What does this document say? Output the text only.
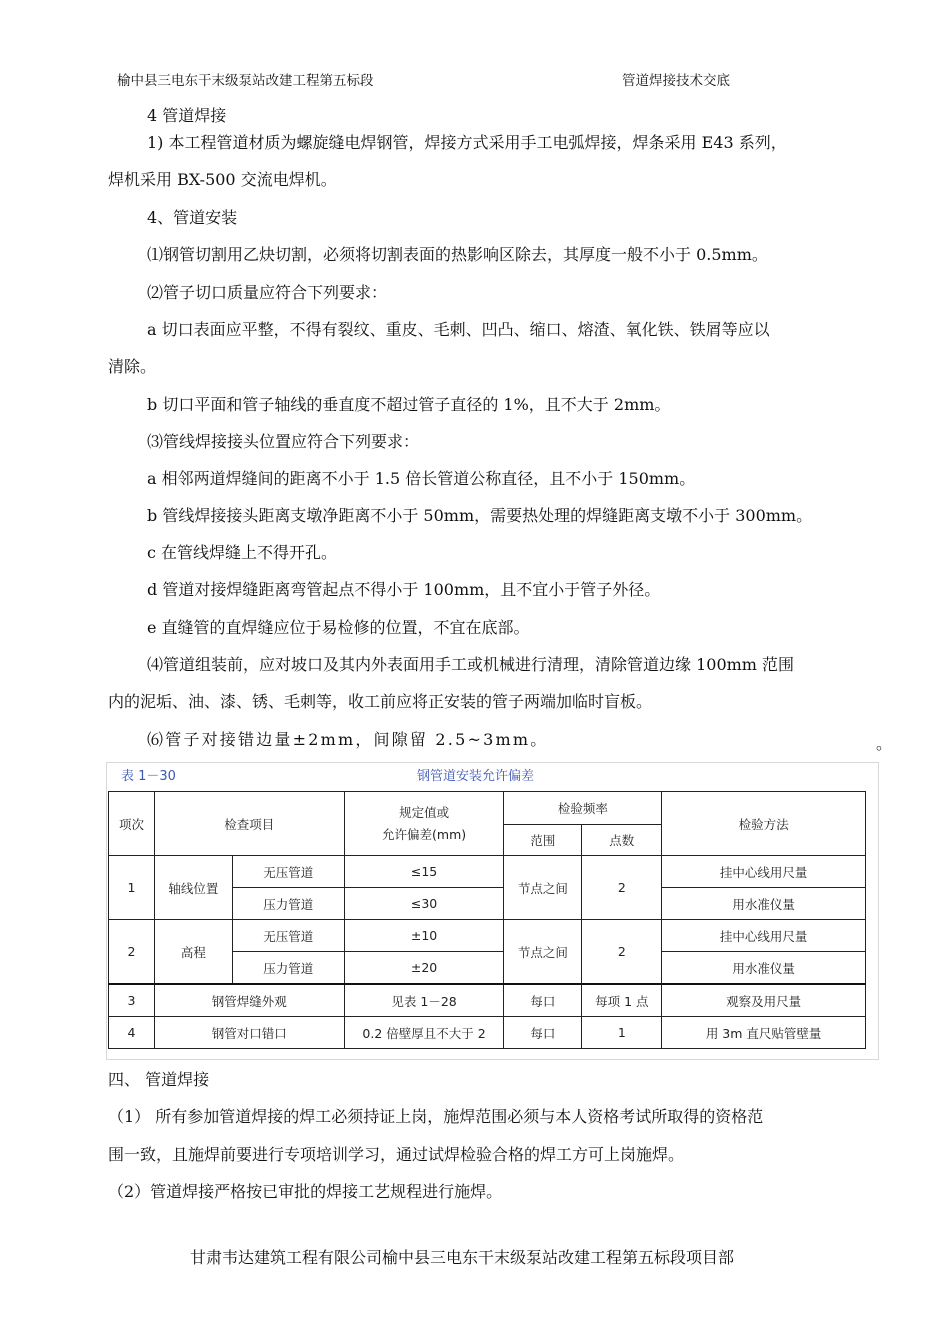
榆中县三电东干末级泵站改建工程第五标段	管道焊接技术交底
4 管道焊接
1) 本工程管道材质为螺旋缝电焊钢管，焊接方式采用手工电弧焊接，焊条采用 E43 系列，
焊机采用 BX-500 交流电焊机。
4、管道安装
⑴钢管切割用乙炔切割，必须将切割表面的热影响区除去，其厚度一般不小于 0.5mm。
⑵管子切口质量应符合下列要求：
a 切口表面应平整，不得有裂纹、重皮、毛刺、凹凸、缩口、熔渣、氧化铁、铁屑等应以
清除。
b 切口平面和管子轴线的垂直度不超过管子直径的 1%，且不大于 2mm。
⑶管线焊接接头位置应符合下列要求：
a 相邻两道焊缝间的距离不小于 1.5 倍长管道公称直径，且不小于 150mm。
b 管线焊接接头距离支墩净距离不小于 50mm，需要热处理的焊缝距离支墩不小于 300mm。
c 在管线焊缝上不得开孔。
d 管道对接焊缝距离弯管起点不得小于 100mm，且不宜小于管子外径。
e 直缝管的直焊缝应位于易检修的位置，不宜在底部。
⑷管道组装前，应对坡口及其内外表面用手工或机械进行清理，清除管道边缘 100mm 范围
内的泥垢、油、漆、锈、毛刺等，收工前应将正安装的管子两端加临时盲板。
⑹管子对接错边量±2mm，间隙留 2.5~3mm。	。
表 1－30	钢管道安装允许偏差
项次	检查项目		规定值或
允许偏差(mm)	检验频率		检验方法
				范围	点数	
1	轴线位置	无压管道	≤15	节点之间	2	挂中心线用尺量
		压力管道	≤30			用水准仪量
2	高程	无压管道	±10	节点之间	2	挂中心线用尺量
		压力管道	±20			用水准仪量
3	钢管焊缝外观		见表 1－28	每口	每项 1 点	观察及用尺量
4	钢管对口错口		0.2 倍壁厚且不大于 2	每口	1	用 3m 直尺贴管壁量
四、 管道焊接
（1） 所有参加管道焊接的焊工必须持证上岗，施焊范围必须与本人资格考试所取得的资格范
围一致，且施焊前要进行专项培训学习，通过试焊检验合格的焊工方可上岗施焊。
（2）管道焊接严格按已审批的焊接工艺规程进行施焊。
甘肃韦达建筑工程有限公司榆中县三电东干末级泵站改建工程第五标段项目部
